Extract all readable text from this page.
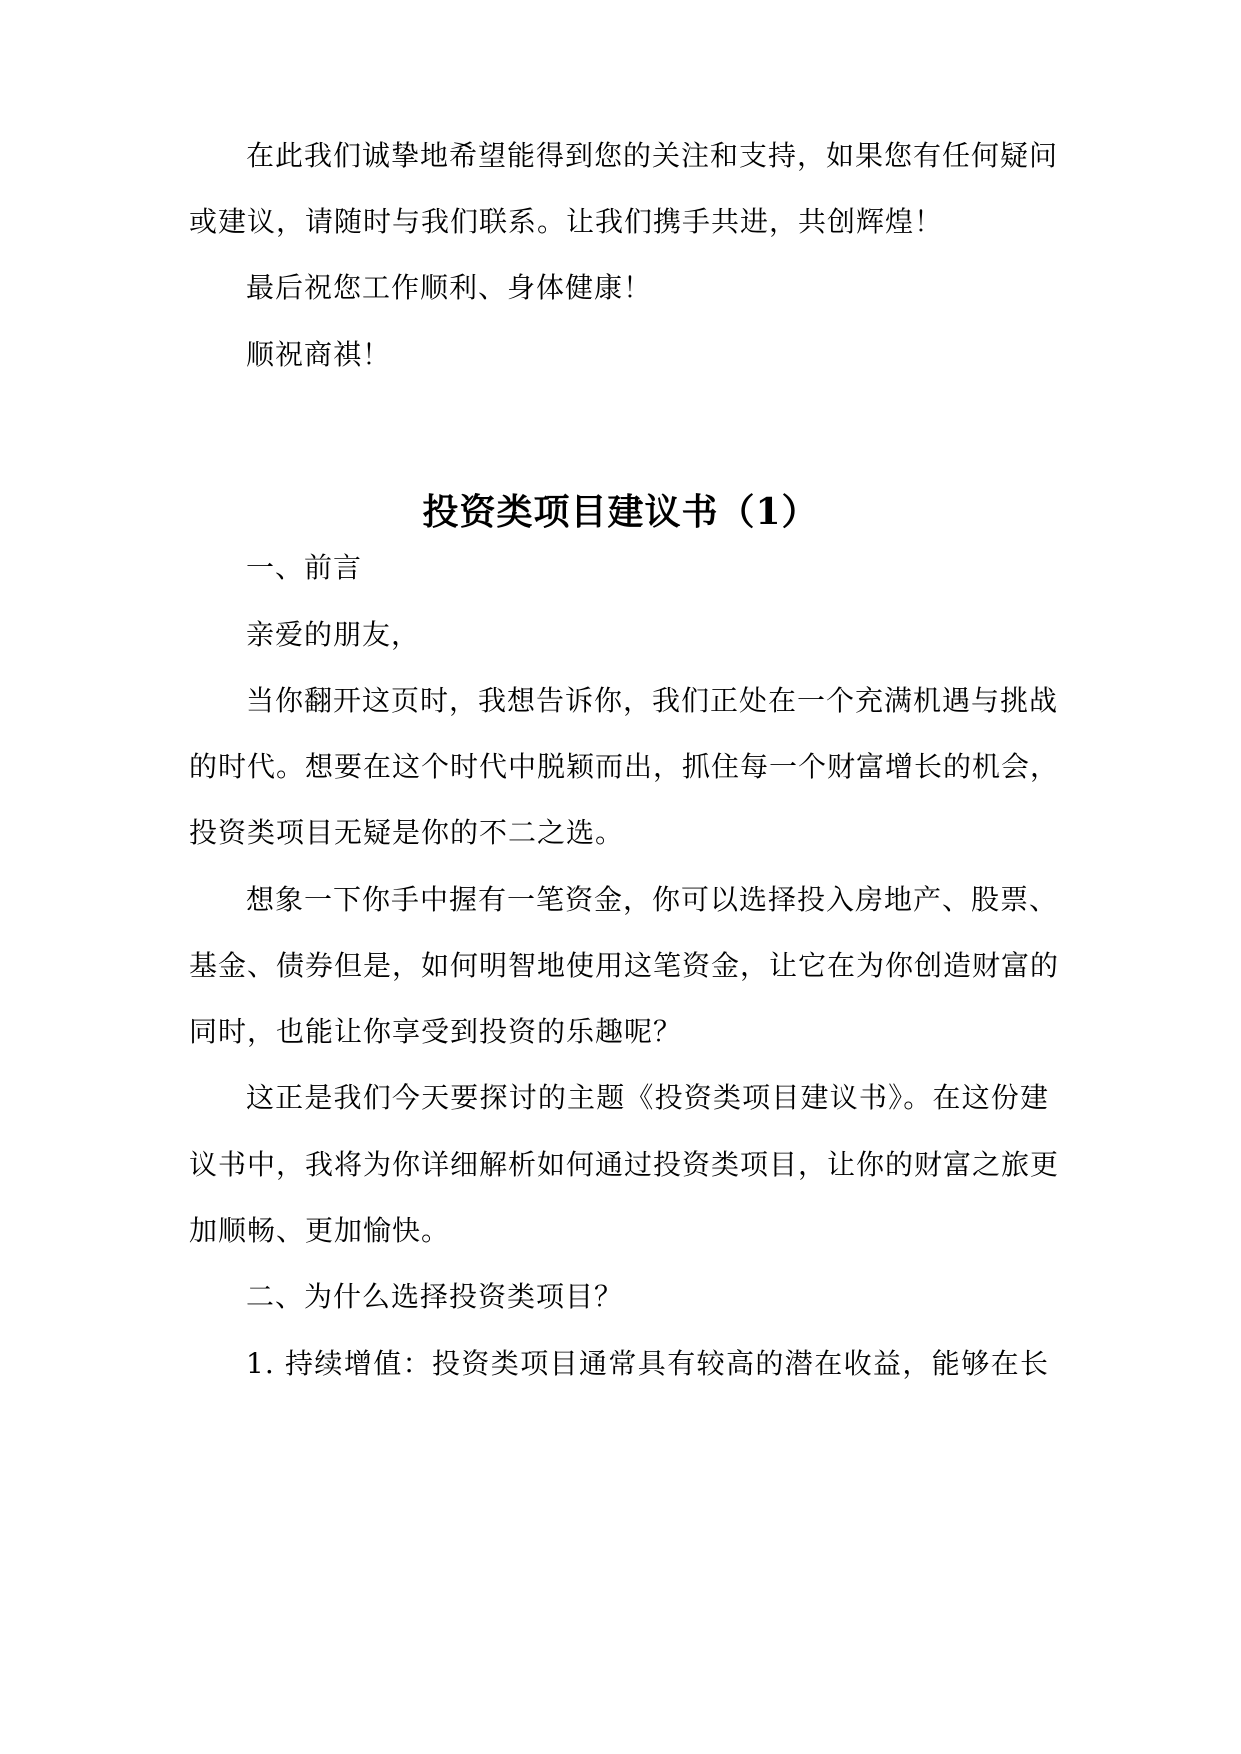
在此我们诚挚地希望能得到您的关注和支持，如果您有任何疑问
或建议，请随时与我们联系。让我们携手共进，共创辉煌！
最后祝您工作顺利、身体健康！
顺祝商祺！
投资类项目建议书（1）
一、前言
亲爱的朋友，
当你翻开这页时，我想告诉你，我们正处在一个充满机遇与挑战
的时代。想要在这个时代中脱颖而出，抓住每一个财富增长的机会，
投资类项目无疑是你的不二之选。
想象一下你手中握有一笔资金，你可以选择投入房地产、股票、
基金、债券但是，如何明智地使用这笔资金，让它在为你创造财富的
同时，也能让你享受到投资的乐趣呢？
这正是我们今天要探讨的主题《投资类项目建议书》。在这份建
议书中，我将为你详细解析如何通过投资类项目，让你的财富之旅更
加顺畅、更加愉快。
二、为什么选择投资类项目？
1. 持续增值：投资类项目通常具有较高的潜在收益，能够在长
